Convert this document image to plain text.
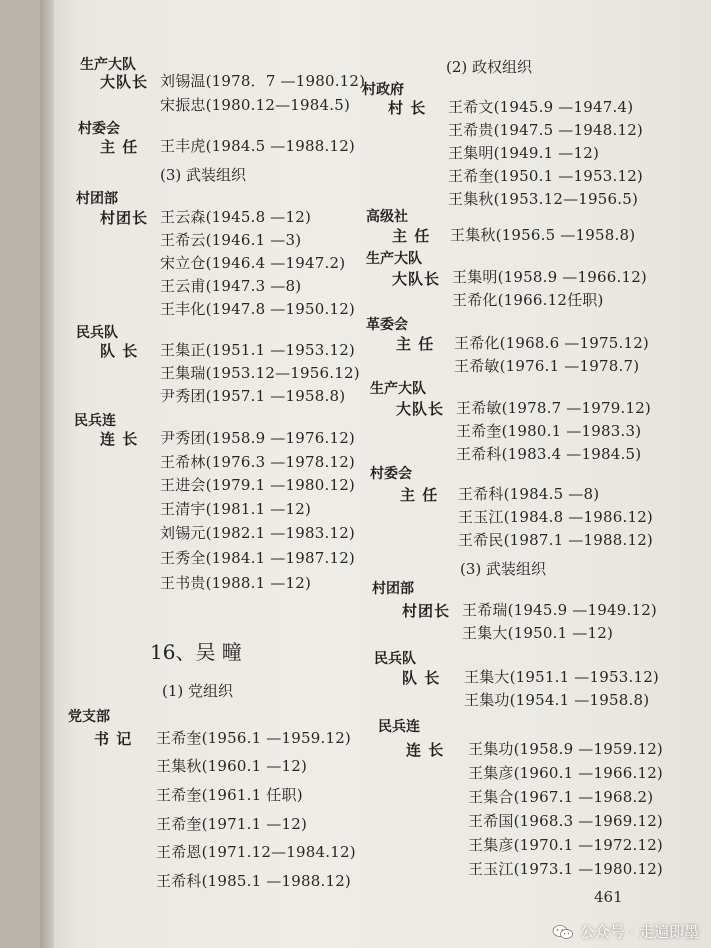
生产大队
大队长 刘锡温(1978．7 —1980.12)
宋振忠(1980.12—1984.5)
村委会
主 任 王丰虎(1984.5 —1988.12)
(3) 武装组织
村团部
村团长 王云森(1945.8 —12)
王希云(1946.1 —3)
宋立仓(1946.4 —1947.2)
王云甫(1947.3 —8)
王丰化(1947.8 —1950.12)
民兵队
队 长 王集正(1951.1 —1953.12)
王集瑞(1953.12—1956.12)
尹秀团(1957.1 —1958.8)
民兵连
连 长 尹秀团(1958.9 —1976.12)
王希林(1976.3 —1978.12)
王进会(1979.1 —1980.12)
王清宇(1981.1 —12)
刘锡元(1982.1 —1983.12)
王秀全(1984.1 —1987.12)
王书贵(1988.1 —12)
16、吴 疃
(1) 党组织
党支部
书 记 王希奎(1956.1 —1959.12)
王集秋(1960.1 —12)
王希奎(1961.1 任职)
王希奎(1971.1 —12)
王希恩(1971.12—1984.12)
王希科(1985.1 —1988.12)
(2) 政权组织
村政府
村 长 王希文(1945.9 —1947.4)
王希贵(1947.5 —1948.12)
王集明(1949.1 —12)
王希奎(1950.1 —1953.12)
王集秋(1953.12—1956.5)
高级社
主 任 王集秋(1956.5 —1958.8)
生产大队
大队长 王集明(1958.9 —1966.12)
王希化(1966.12任职)
革委会
主 任 王希化(1968.6 —1975.12)
王希敏(1976.1 —1978.7)
生产大队
大队长 王希敏(1978.7 —1979.12)
王希奎(1980.1 —1983.3)
王希科(1983.4 —1984.5)
村委会
主 任 王希科(1984.5 —8)
王玉江(1984.8 —1986.12)
王希民(1987.1 —1988.12)
(3) 武装组织
村团部
村团长 王希瑞(1945.9 —1949.12)
王集大(1950.1 —12)
民兵队
队 长 王集大(1951.1 —1953.12)
王集功(1954.1 —1958.8)
民兵连
连 长 王集功(1958.9 —1959.12)
王集彦(1960.1 —1966.12)
王集合(1967.1 —1968.2)
王希国(1968.3 —1969.12)
王集彦(1970.1 —1972.12)
王玉江(1973.1 —1980.12)
461
公众号 · 走遍即墨
